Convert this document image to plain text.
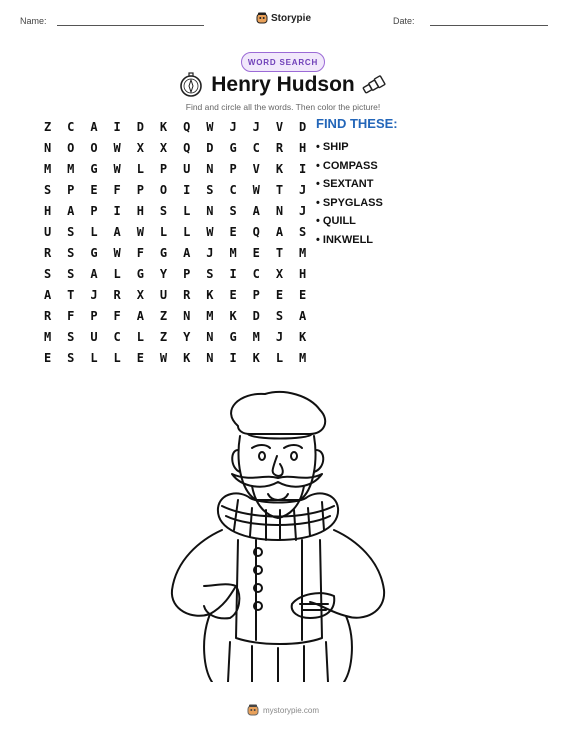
Name:	Storypie	Date:
WORD SEARCH
Henry Hudson
Find and circle all the words. Then color the picture!
Z	C	A	I	D	K	Q	W	J	J	V	D
N	O	O	W	X	X	Q	D	G	C	R	H
M	M	G	W	L	P	U	N	P	V	K	I
S	P	E	F	P	O	I	S	C	W	T	J
H	A	P	I	H	S	L	N	S	A	N	J
U	S	L	A	W	L	L	W	E	Q	A	S
R	S	G	W	F	G	A	J	M	E	T	M
S	S	A	L	G	Y	P	S	I	C	X	H
A	T	J	R	X	U	R	K	E	P	E	E
R	F	P	F	A	Z	N	M	K	D	S	A
M	S	U	C	L	Z	Y	N	G	M	J	K
E	S	L	L	E	W	K	N	I	K	L	M
FIND THESE:
• SHIP
• COMPASS
• SEXTANT
• SPYGLASS
• QUILL
• INKWELL
mystorypie.com
